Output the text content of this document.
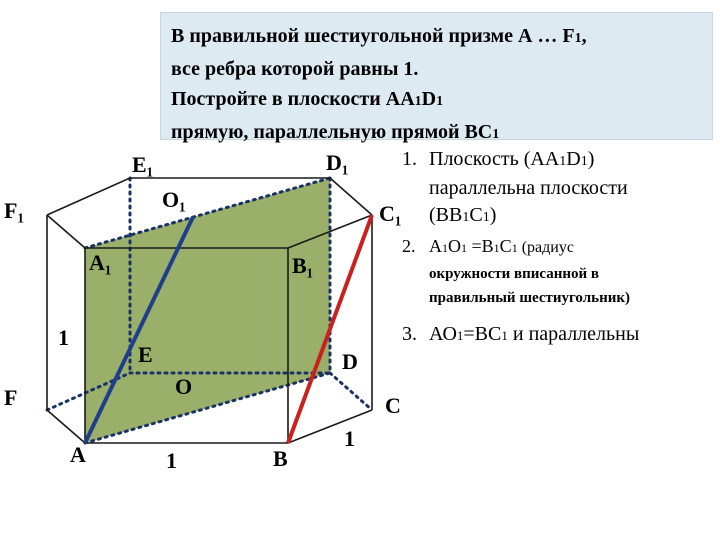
В правильной шестиугольной призме А … F1,
все ребра которой равны 1.
Постройте в плоскости АА1D1
прямую, параллельную прямой ВС1
E₁	D₁
F₁	O₁
C₁
A₁	B₁
E	D
F	O
C
A	B
1
1
1
1. Плоскость (АА1D1)
параллельна плоскости
(ВВ1С1)
2. А1О1 =В1С1 (радиус
окружности вписанной в
правильный шестиугольник)
3. АО1=ВС1 и параллельны
